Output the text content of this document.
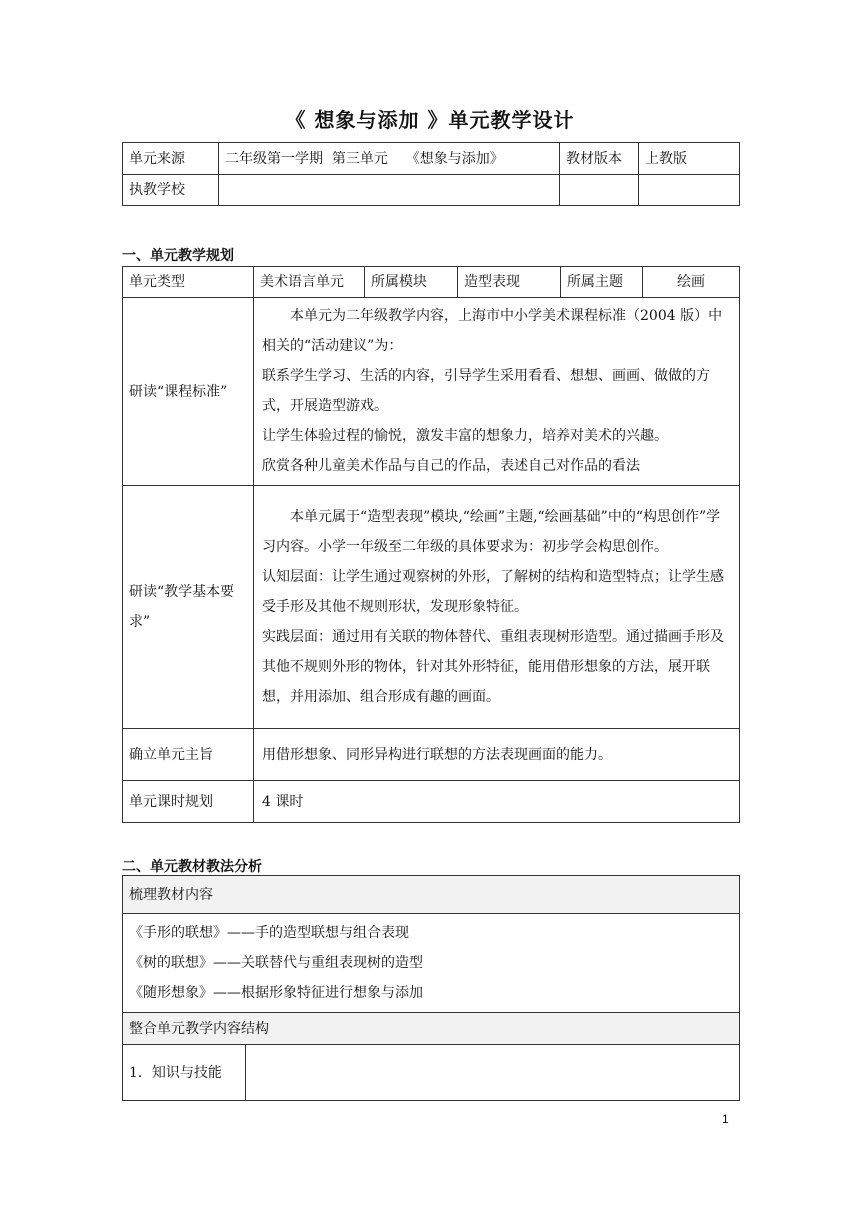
《 想象与添加 》单元教学设计
单元来源	二年级第一学期  第三单元    《想象与添加》	教材版本	上教版
执教学校			
一、单元教学规划
单元类型	美术语言单元	所属模块	造型表现	所属主题	绘画
研读“课程标准”	本单元为二年级教学内容，上海市中小学美术课程标准（2004 版）中相关的“活动建议”为：

联系学生学习、生活的内容，引导学生采用看看、想想、画画、做做的方式，开展造型游戏。

让学生体验过程的愉悦，激发丰富的想象力，培养对美术的兴趣。

欣赏各种儿童美术作品与自己的作品，表述自己对作品的看法				

研读“教学基本要求”	本单元属于“造型表现”模块,“绘画”主题,“绘画基础”中的“构思创作”学习内容。小学一年级至二年级的具体要求为：初步学会构思创作。

认知层面：让学生通过观察树的外形，了解树的结构和造型特点；让学生感受手形及其他不规则形状，发现形象特征。

实践层面：通过用有关联的物体替代、重组表现树形造型。通过描画手形及其他不规则外形的物体，针对其外形特征，能用借形想象的方法，展开联想，并用添加、组合形成有趣的画面。				

确立单元主旨	用借形想象、同形异构进行联想的方法表现画面的能力。				
单元课时规划	4 课时				
二、单元教材教法分析
梳理教材内容

《手形的联想》——手的造型联想与组合表现

《树的联想》——关联替代与重组表现树的造型

《随形想象》——根据形象特征进行想象与添加

整合单元教学内容结构
1．知识与技能	
1
